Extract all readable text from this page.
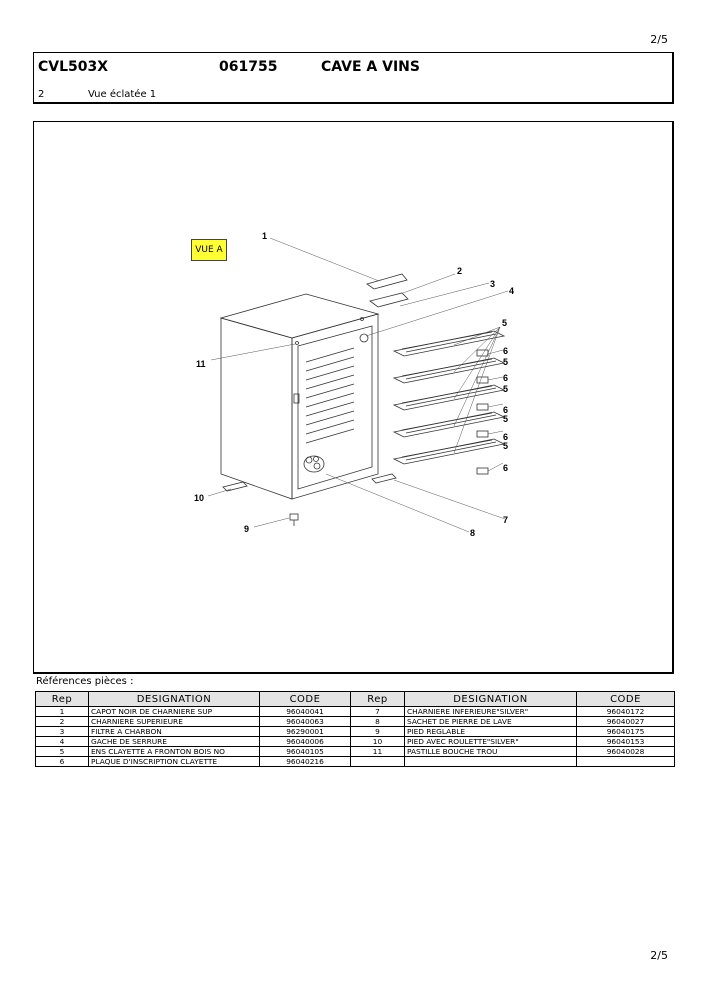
2/5
CVL503X	061755	CAVE A VINS
2	Vue éclatée 1
1
2
3
4
5
6
5
6
5
6
5
6
5
6
7
8
9
10
11
VUE A
Références pièces :
Rep	DESIGNATION	CODE	Rep	DESIGNATION	CODE
1	CAPOT NOIR DE CHARNIERE SUP	96040041	7	CHARNIERE INFERIEURE"SILVER"	96040172
2	CHARNIERE SUPERIEURE	96040063	8	SACHET DE PIERRE DE LAVE	96040027
3	FILTRE A CHARBON	96290001	9	PIED REGLABLE	96040175
4	GACHE DE SERRURE	96040006	10	PIED AVEC ROULETTE"SILVER"	96040153
5	ENS CLAYETTE A FRONTON BOIS NO	96040105	11	PASTILLE BOUCHE TROU	96040028
6	PLAQUE D'INSCRIPTION CLAYETTE	96040216			
2/5
